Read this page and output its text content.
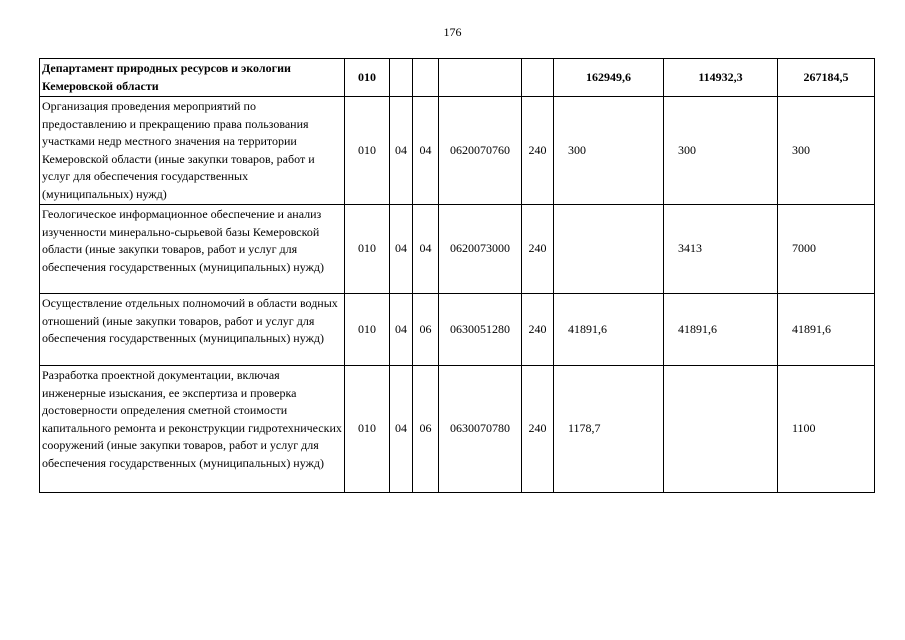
176
Департамент природных ресурсов и экологии Кемеровской области	010					162949,6	114932,3	267184,5
Организация проведения мероприятий по предоставлению и прекращению права пользования участками недр местного значения на территории Кемеровской области (иные закупки товаров, работ и услуг для обеспечения государственных (муниципальных) нужд)	010	04	04	0620070760	240	300	300	300
Геологическое информационное обеспечение и анализ изученности минерально-сырьевой базы Кемеровской области (иные закупки товаров, работ и услуг для обеспечения государственных (муниципальных) нужд)	010	04	04	0620073000	240		3413	7000
Осуществление отдельных полномочий в области водных отношений (иные закупки товаров, работ и услуг для обеспечения государственных (муниципальных) нужд)	010	04	06	0630051280	240	41891,6	41891,6	41891,6
Разработка проектной документации, включая инженерные изыскания, ее экспертиза и проверка достоверности определения сметной стоимости капитального ремонта и реконструкции гидротехнических сооружений (иные закупки товаров, работ и услуг для обеспечения государственных (муниципальных) нужд)	010	04	06	0630070780	240	1178,7		1100
